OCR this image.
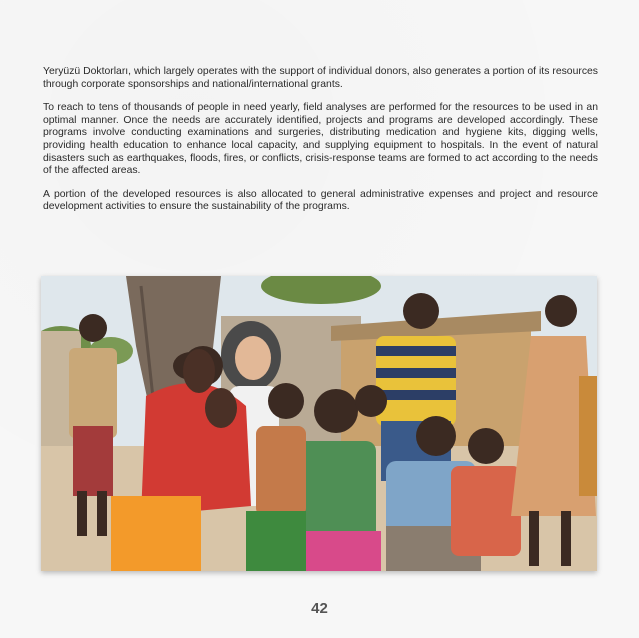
Yeryüzü Doktorları, which largely operates with the support of individual donors, also generates a portion of its resources through corporate sponsorships and national/international grants.

To reach to tens of thousands of people in need yearly, field analyses are performed for the resources to be used in an optimal manner. Once the needs are accurately identified, projects and programs are developed accordingly. These programs involve conducting examinations and surgeries, distributing medication and hygiene kits, digging wells, providing health education to enhance local capacity, and supplying equipment to hospitals. In the event of natural disasters such as earthquakes, floods, fires, or conflicts, crisis-response teams are formed to act according to the needs of the affected areas.

A portion of the developed resources is also allocated to general administrative expenses and project and resource development activities to ensure the sustainability of the programs.

42
